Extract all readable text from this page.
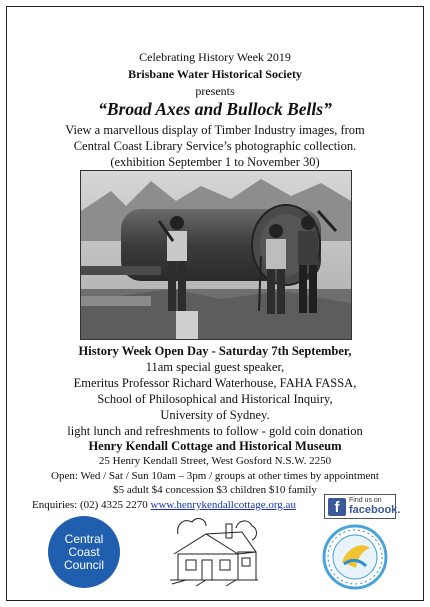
Celebrating History Week 2019
Brisbane Water Historical Society
presents
“Broad Axes and Bullock Bells”
View a marvellous display of Timber Industry images, from
Central Coast Library Service’s photographic collection.
(exhibition September 1 to November 30)
History Week Open Day - Saturday 7th September,
11am special guest speaker,
Emeritus Professor Richard Waterhouse, FAHA FASSA,
School of Philosophical and Historical Inquiry,
University of Sydney.
light lunch and refreshments to follow - gold coin donation
Henry Kendall Cottage and Historical Museum
25 Henry Kendall Street, West Gosford N.S.W. 2250
Open: Wed / Sat / Sun 10am – 3pm / groups at other times by appointment
$5 adult $4 concession $3 children $10 family
Enquiries: (02) 4325 2270 www.henrykendallcottage.org.au	f	Find us on
facebook.
Central
Coast
Council
